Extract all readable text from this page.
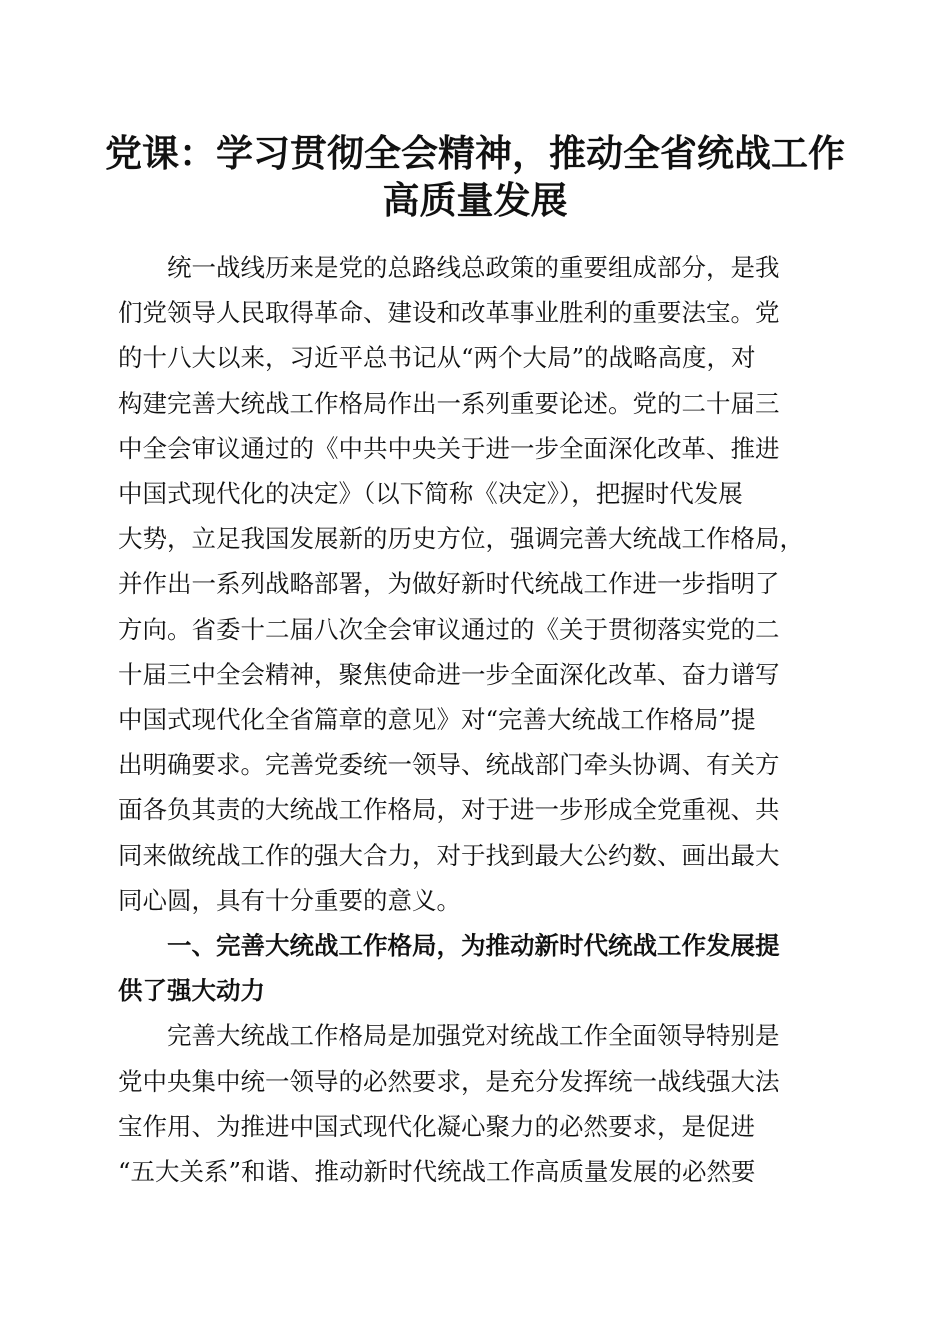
党课：学习贯彻全会精神，推动全省统战工作
高质量发展

统一战线历来是党的总路线总政策的重要组成部分，是我
们党领导人民取得革命、建设和改革事业胜利的重要法宝。党
的十八大以来，习近平总书记从“两个大局”的战略高度，对
构建完善大统战工作格局作出一系列重要论述。党的二十届三
中全会审议通过的《中共中央关于进一步全面深化改革、推进
中国式现代化的决定》（以下简称《决定》），把握时代发展
大势，立足我国发展新的历史方位，强调完善大统战工作格局，
并作出一系列战略部署，为做好新时代统战工作进一步指明了
方向。省委十二届八次全会审议通过的《关于贯彻落实党的二
十届三中全会精神，聚焦使命进一步全面深化改革、奋力谱写
中国式现代化全省篇章的意见》对“完善大统战工作格局”提
出明确要求。完善党委统一领导、统战部门牵头协调、有关方
面各负其责的大统战工作格局，对于进一步形成全党重视、共
同来做统战工作的强大合力，对于找到最大公约数、画出最大
同心圆，具有十分重要的意义。

一、完善大统战工作格局，为推动新时代统战工作发展提
供了强大动力

完善大统战工作格局是加强党对统战工作全面领导特别是
党中央集中统一领导的必然要求，是充分发挥统一战线强大法
宝作用、为推进中国式现代化凝心聚力的必然要求，是促进
“五大关系”和谐、推动新时代统战工作高质量发展的必然要
